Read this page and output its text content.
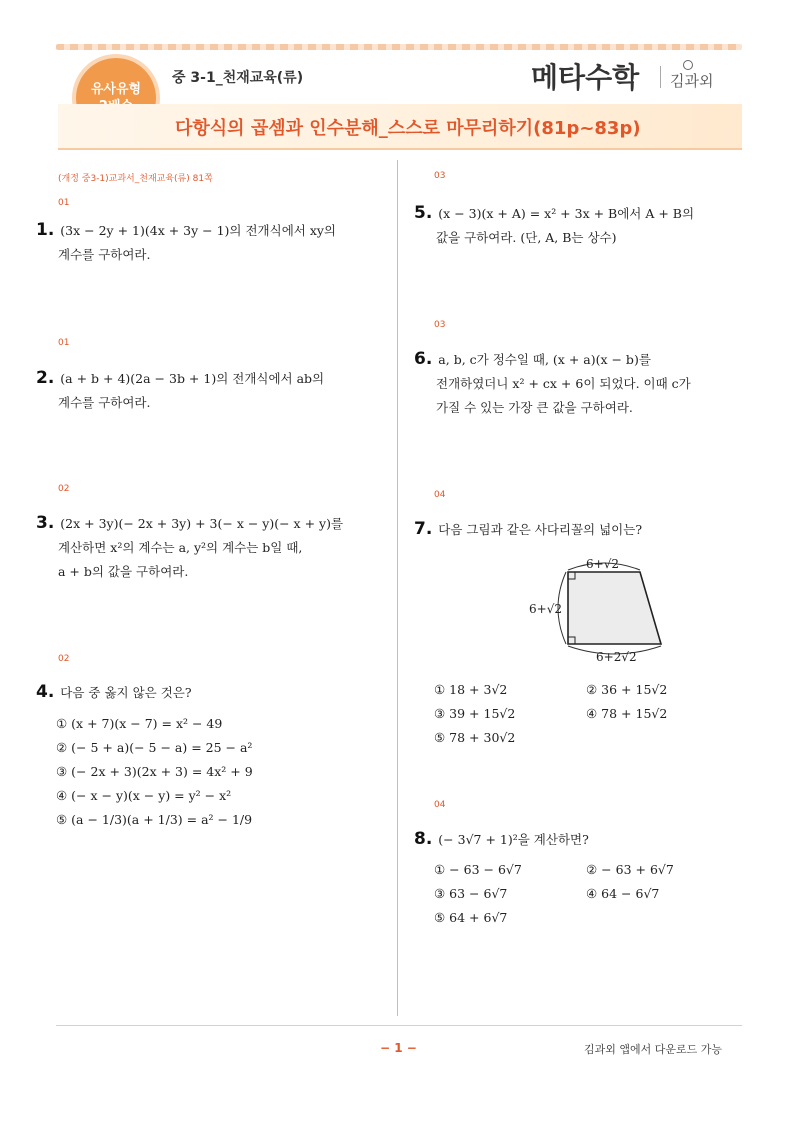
유사유형
중 3-1_천재교육(류)	메타수학 김과외
다항식의 곱셈과 인수분해_스스로 마무리하기(81p~83p)
(개정 중3-1)교과서_천재교육(류) 81쪽
01
1. (3x − 2y + 1)(4x + 3y − 1)의 전개식에서 xy의
계수를 구하여라.
01
2. (a + b + 4)(2a − 3b + 1)의 전개식에서 ab의
계수를 구하여라.
02
3. (2x + 3y)(− 2x + 3y) + 3(− x − y)(− x + y)를
계산하면 x²의 계수는 a, y²의 계수는 b일 때,
a + b의 값을 구하여라.
02
4. 다음 중 옳지 않은 것은?
① (x + 7)(x − 7) = x² − 49
② (− 5 + a)(− 5 − a) = 25 − a²
③ (− 2x + 3)(2x + 3) = 4x² + 9
④ (− x − y)(x − y) = y² − x²
⑤ (a − 1/3)(a + 1/3) = a² − 1/9
03
5. (x − 3)(x + A) = x² + 3x + B에서 A + B의
값을 구하여라. (단, A, B는 상수)
03
6. a, b, c가 정수일 때, (x + a)(x − b)를
전개하였더니 x² + cx + 6이 되었다. 이때 c가
가질 수 있는 가장 큰 값을 구하여라.
04
7. 다음 그림과 같은 사다리꼴의 넓이는?
6+√2
6+√2
6+2√2
① 18 + 3√2	② 36 + 15√2
③ 39 + 15√2	④ 78 + 15√2
⑤ 78 + 30√2
04
8. (− 3√7 + 1)²을 계산하면?
① − 63 − 6√7	② − 63 + 6√7
③ 63 − 6√7	④ 64 − 6√7
⑤ 64 + 6√7
− 1 −	김과외 앱에서 다운로드 가능
